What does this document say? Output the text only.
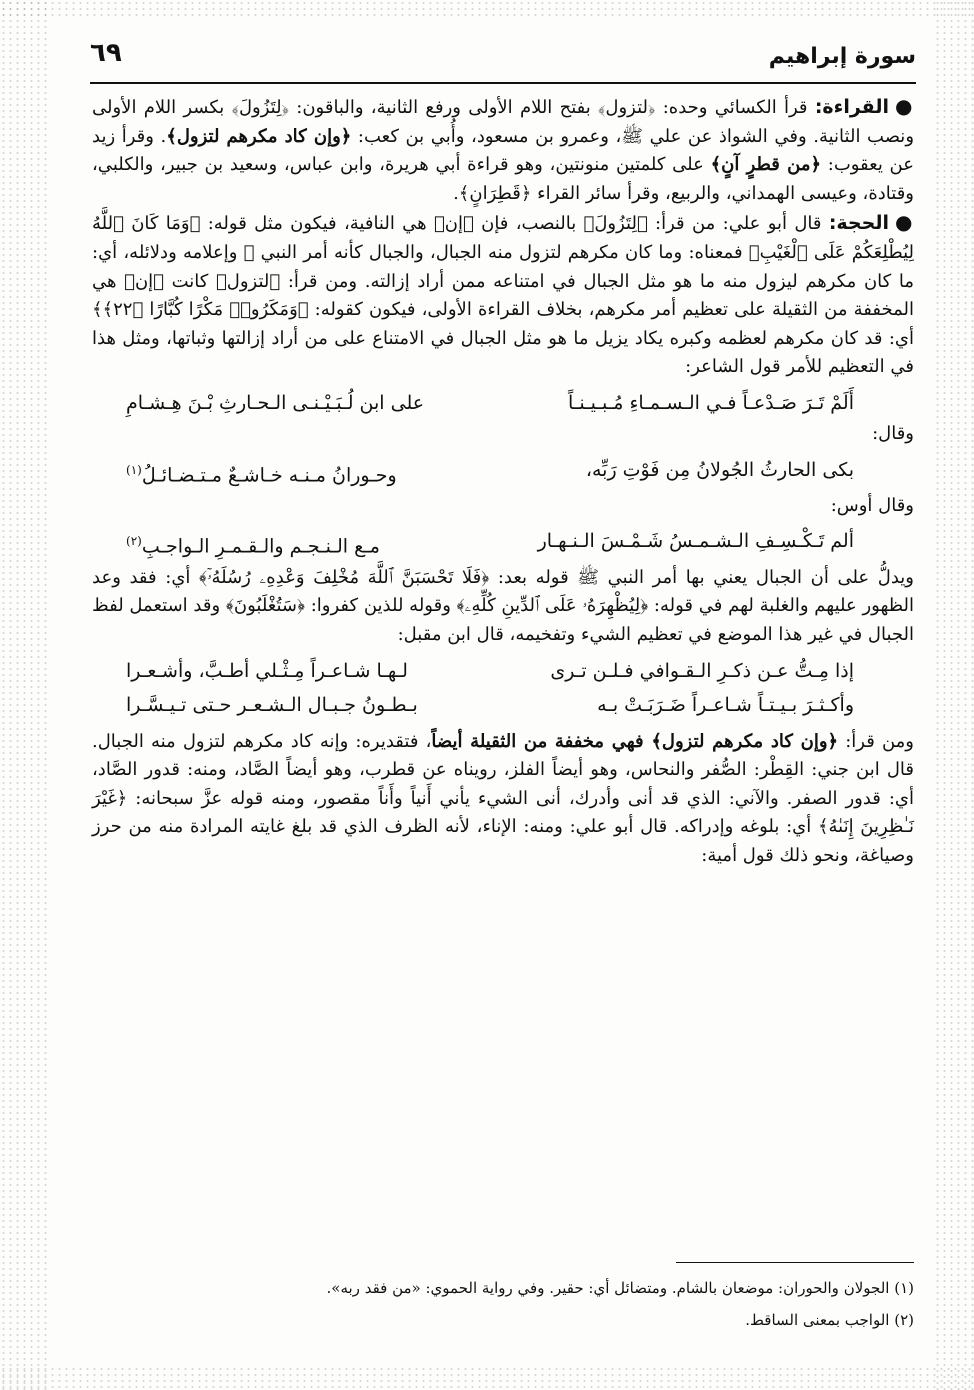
سورة إبراهيم
٦٩

●القراءة: قرأ الكسائي وحده: ﴿لتزول﴾ بفتح اللام الأولى ورفع الثانية، والباقون: ﴿لِتَزُولَ﴾ بكسر اللام الأولى ونصب الثانية. وفي الشواذ عن علي ﷺ، وعمرو بن مسعود، وأُبي بن كعب: ﴿وإن كاد مكرهم لتزول﴾. وقرأ زيد عن يعقوب: ﴿من قطرٍ آنٍ﴾ على كلمتين منونتين، وهو قراءة أبي هريرة، وابن عباس، وسعيد بن جبير، والكلبي، وقتادة، وعيسى الهمداني، والربيع، وقرأ سائر القراء ﴿قَطِرَانٍ﴾.

●الحجة: قال أبو علي: من قرأ: ﴿لِتَزُولَ﴾ بالنصب، فإن ﴿إن﴾ هي النافية، فيكون مثل قوله: ﴿وَمَا كَانَ ٱللَّهُ لِيُطْلِعَكُمْ عَلَى ٱلْغَيْبِ﴾ فمعناه: وما كان مكرهم لتزول منه الجبال، والجبال كأنه أمر النبي ﷺ وإعلامه ودلائله، أي: ما كان مكرهم ليزول منه ما هو مثل الجبال في امتناعه ممن أراد إزالته. ومن قرأ: ﴿لتزول﴾ كانت ﴿إن﴾ هي المخففة من الثقيلة على تعظيم أمر مكرهم، بخلاف القراءة الأولى، فيكون كقوله: ﴿وَمَكَرُوا۟ مَكْرًا كُبَّارًا ﴿٢٢﴾﴾ أي: قد كان مكرهم لعظمه وكبره يكاد يزيل ما هو مثل الجبال في الامتناع على من أراد إزالتها وثباتها، ومثل هذا في التعظيم للأمر قول الشاعر:

أَلَمْ تَـرَ صَـدْعـاً فـي الـسـمـاءِ مُـبـيـنـاً
على ابن لُـبَـيْـنـى الـحـارثِ بْـنَ هِـشـامِ

وقال:

بكى الحارثُ الجُولانُ مِن فَوْتِ رَبِّه،
وحـورانُ مـنـه خـاشـعٌ مـتـضـائـلُ$^{(١)}$

وقال أوس:

ألم تَـكْـسِـفِ الـشـمـسُ شَـمْـسَ الـنـهـار
مـع الـنـجـم والـقـمـرِ الـواجـبِ$^{(٢)}$

ويدلُّ على أن الجبال يعني بها أمر النبي ﷺ قوله بعد: ﴿فَلَا تَحْسَبَنَّ ٱللَّهَ مُخْلِفَ وَعْدِهِۦ رُسُلَهُۥٓ﴾ أي: فقد وعد الظهور عليهم والغلبة لهم في قوله: ﴿لِيُظْهِرَهُۥ عَلَى ٱلدِّينِ كُلِّهِۦ﴾ وقوله للذين كفروا: ﴿سَتُغْلَبُونَ﴾ وقد استعمل لفظ الجبال في غير هذا الموضع في تعظيم الشيء وتفخيمه، قال ابن مقبل:

إذا مِـتُّ عـن ذكـرِ الـقـوافي فـلـن تـرى
لـهـا شـاعـراً مِـثْـلي أطـبَّ، وأشـعـرا
وأكـثـرَ بـيـتـاً شـاعـراً ضَـرَبَـتْ بـه
بـطـونُ جـبـال الـشـعـر حـتى تـيـسَّـرا

ومن قرأ: ﴿وإن كاد مكرهم لتزول﴾ فهي مخففة من الثقيلة أيضاً، فتقديره: وإنه كاد مكرهم لتزول منه الجبال. قال ابن جني: القِطْر: الصُّفر والنحاس، وهو أيضاً الفلز، رويناه عن قطرب، وهو أيضاً الصَّاد، ومنه: قدور الصَّاد، أي: قدور الصفر. والآني: الذي قد أنى وأدرك، أنى الشيء يأني أَنياً وأَناً مقصور، ومنه قوله عزَّ سبحانه: ﴿غَيْرَ نَـٰظِرِينَ إِنَىٰهُ﴾ أي: بلوغه وإدراكه. قال أبو علي: ومنه: الإناء، لأنه الظرف الذي قد بلغ غايته المرادة منه من حرز وصياغة، ونحو ذلك قول أمية:

(١) الجولان والحوران: موضعان بالشام. ومتضائل أي: حقير. وفي رواية الحموي: «من فقد ربه».
(٢) الواجب بمعنى الساقط.
